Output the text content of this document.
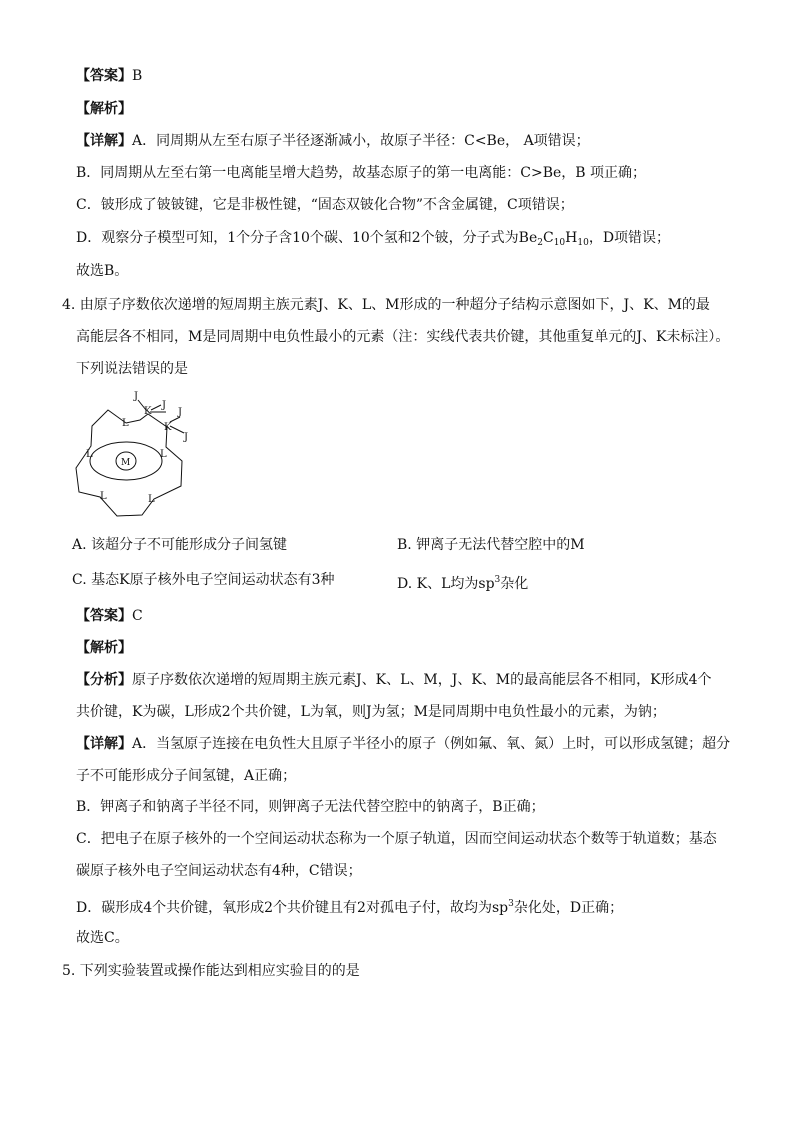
【答案】B
【解析】
【详解】A．同周期从左至右原子半径逐渐减小，故原子半径：C<Be， A项错误；
B．同周期从左至右第一电离能呈增大趋势，故基态原子的第一电离能：C>Be，B 项正确；
C．铍形成了铍铍键，它是非极性键，“固态双铍化合物”不含金属键，C项错误；
D．观察分子模型可知，1个分子含10个碳、10个氢和2个铍，分子式为$Be_2C_{10}H_{10}$，D项错误；
故选B。
4. 由原子序数依次递增的短周期主族元素J、K、L、M形成的一种超分子结构示意图如下，J、K、M的最
高能层各不相同，M是同周期中电负性最小的元素（注：实线代表共价键，其他重复单元的J、K未标注）。
下列说法错误的是
K
K
J
J
J
J
L
L	L
L	L
M
A. 该超分子不可能形成分子间氢键	B. 钾离子无法代替空腔中的M
C. 基态K原子核外电子空间运动状态有3种	D. K、L均为$sp^3$杂化
【答案】C
【解析】
【分析】原子序数依次递增的短周期主族元素J、K、L、M，J、K、M的最高能层各不相同，K形成4个
共价键，K为碳，L形成2个共价键，L为氧，则J为氢；M是同周期中电负性最小的元素，为钠；
【详解】A．当氢原子连接在电负性大且原子半径小的原子（例如氟、氧、氮）上时，可以形成氢键；超分
子不可能形成分子间氢键，A正确；
B．钾离子和钠离子半径不同，则钾离子无法代替空腔中的钠离子，B正确；
C．把电子在原子核外的一个空间运动状态称为一个原子轨道，因而空间运动状态个数等于轨道数；基态
碳原子核外电子空间运动状态有4种，C错误；
D．碳形成4个共价键，氧形成2个共价键且有2对孤电子付，故均为$sp^3$杂化处，D正确；
故选C。
5. 下列实验装置或操作能达到相应实验目的的是
